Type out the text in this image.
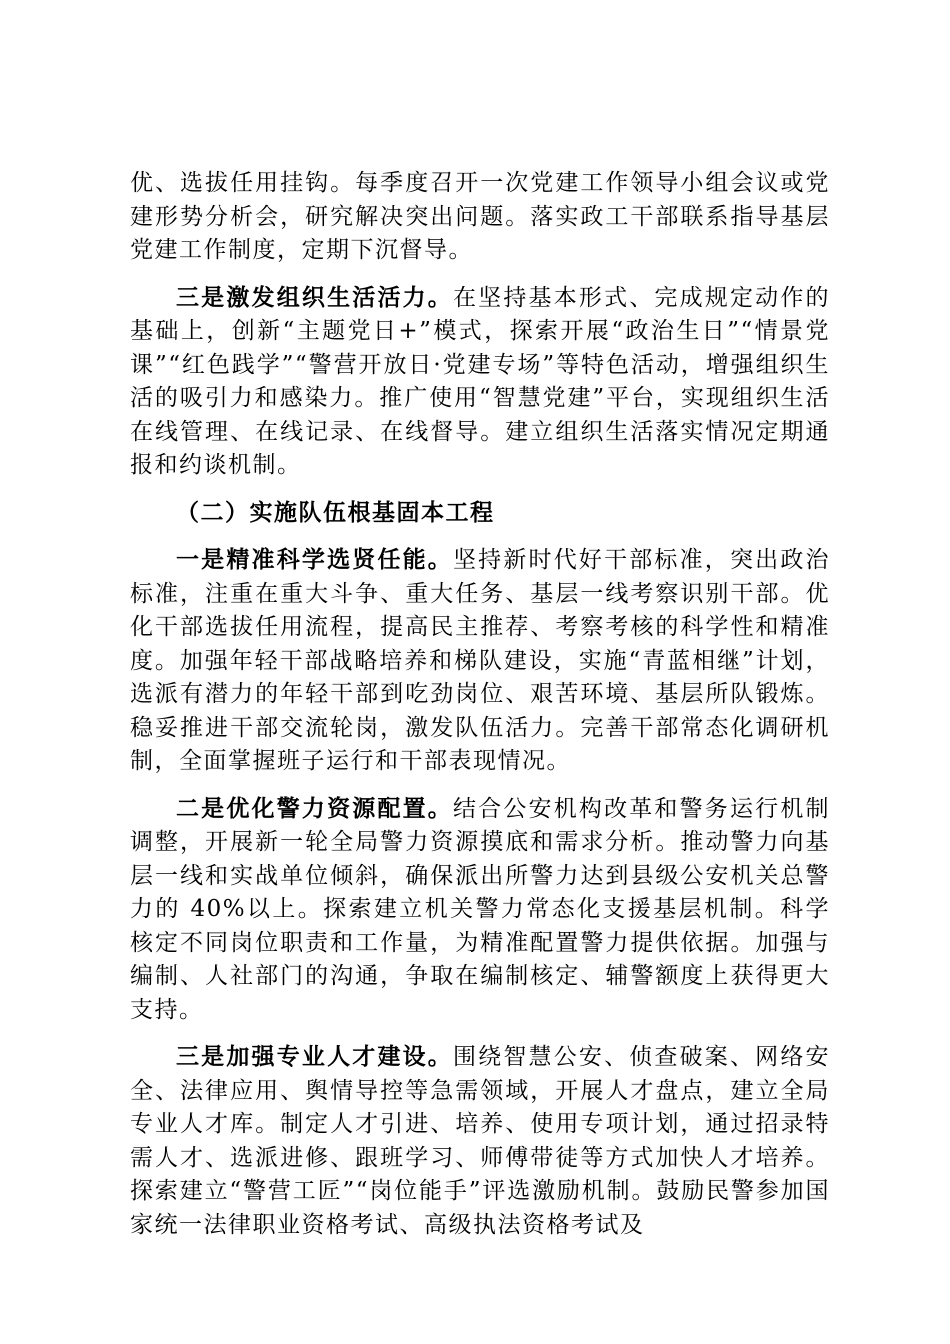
优、选拔任用挂钩。每季度召开一次党建工作领导小组会议或党建形势分析会，研究解决突出问题。落实政工干部联系指导基层党建工作制度，定期下沉督导。

三是激发组织生活活力。在坚持基本形式、完成规定动作的基础上，创新“主题党日+”模式，探索开展“政治生日”“情景党课”“红色践学”“警营开放日·党建专场”等特色活动，增强组织生活的吸引力和感染力。推广使用“智慧党建”平台，实现组织生活在线管理、在线记录、在线督导。建立组织生活落实情况定期通报和约谈机制。

（二）实施队伍根基固本工程

一是精准科学选贤任能。坚持新时代好干部标准，突出政治标准，注重在重大斗争、重大任务、基层一线考察识别干部。优化干部选拔任用流程，提高民主推荐、考察考核的科学性和精准度。加强年轻干部战略培养和梯队建设，实施“青蓝相继”计划，选派有潜力的年轻干部到吃劲岗位、艰苦环境、基层所队锻炼。稳妥推进干部交流轮岗，激发队伍活力。完善干部常态化调研机制，全面掌握班子运行和干部表现情况。

二是优化警力资源配置。结合公安机构改革和警务运行机制调整，开展新一轮全局警力资源摸底和需求分析。推动警力向基层一线和实战单位倾斜，确保派出所警力达到县级公安机关总警力的 40%以上。探索建立机关警力常态化支援基层机制。科学核定不同岗位职责和工作量，为精准配置警力提供依据。加强与编制、人社部门的沟通，争取在编制核定、辅警额度上获得更大支持。

三是加强专业人才建设。围绕智慧公安、侦查破案、网络安全、法律应用、舆情导控等急需领域，开展人才盘点，建立全局专业人才库。制定人才引进、培养、使用专项计划，通过招录特需人才、选派进修、跟班学习、师傅带徒等方式加快人才培养。探索建立“警营工匠”“岗位能手”评选激励机制。鼓励民警参加国家统一法律职业资格考试、高级执法资格考试及
